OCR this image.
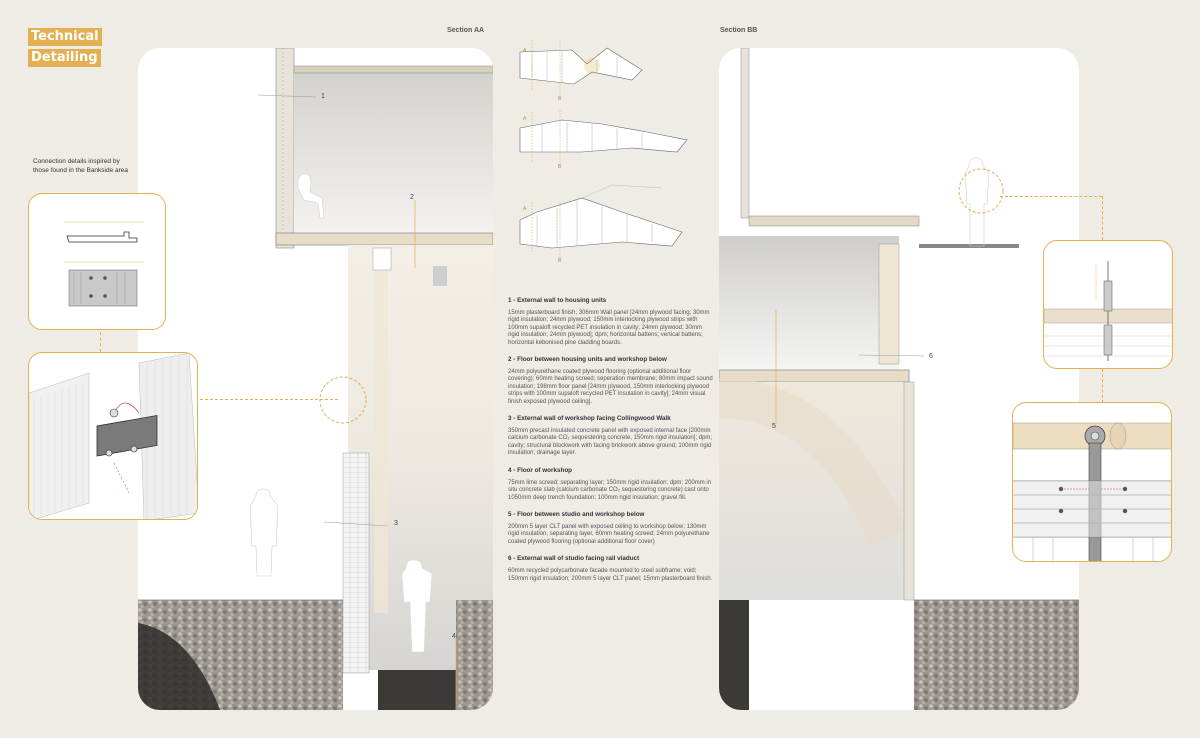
Technical
Detailing
Section AA	Section BB
Connection details inspired by those found in the Bankside area
1
2
3
4
A
B
A
B
A
B
1 - External wall to housing units
15mm plasterboard finish; 306mm Wall panel [24mm plywood facing; 30mm rigid insulation; 24mm plywood; 150mm interlocking plywood strips with 100mm supaloft recycled PET insulation in cavity; 24mm plywood; 30mm rigid insulation; 24mm plywood]; dpm; horizontal battens; vertical battens; horizontal kebonised pine cladding boards.
2 - Floor between housing units and workshop below
24mm polyurethane coated plywood flooring (optional additional floor covering); 60mm heating screed; seperation membrane; 80mm impact sound insulation; 198mm floor panel [24mm plywood, 150mm interlocking plywood strips with 100mm supaloft recycled PET insulation in cavity]; 24mm visual finish exposed plywood ceiling].
3 - External wall of workshop facing Collingwood Walk
350mm precast insulated concrete panel with exposed internal face [200mm calcium carbonate CO₂ sequestering concrete, 150mm rigid insulation]; dpm; cavity; structural blockwork with facing brickwork above ground; 100mm rigid insulation; drainage layer.
4 - Floor of workshop
75mm lime screed; separating layer; 150mm rigid insulation; dpm; 200mm in situ concrete slab (calcium carbonate CO₂ sequestering concrete) cast onto 1050mm deep trench foundation; 100mm rigid insulation; gravel fill.
5 - Floor between studio and workshop below
200mm 5 layer CLT panel with exposed ceiling to workshop below; 130mm rigid insulation, separating layer, 60mm heating screed; 24mm polyurethane coated plywood flooring (optional additional floor cover)
6 - External wall of studio facing rail viaduct
60mm recycled polycarbonate facade mounted to steel subframe; void; 150mm rigid insulation; 200mm 5 layer CLT panel; 15mm plasterboard finish.
5
6
